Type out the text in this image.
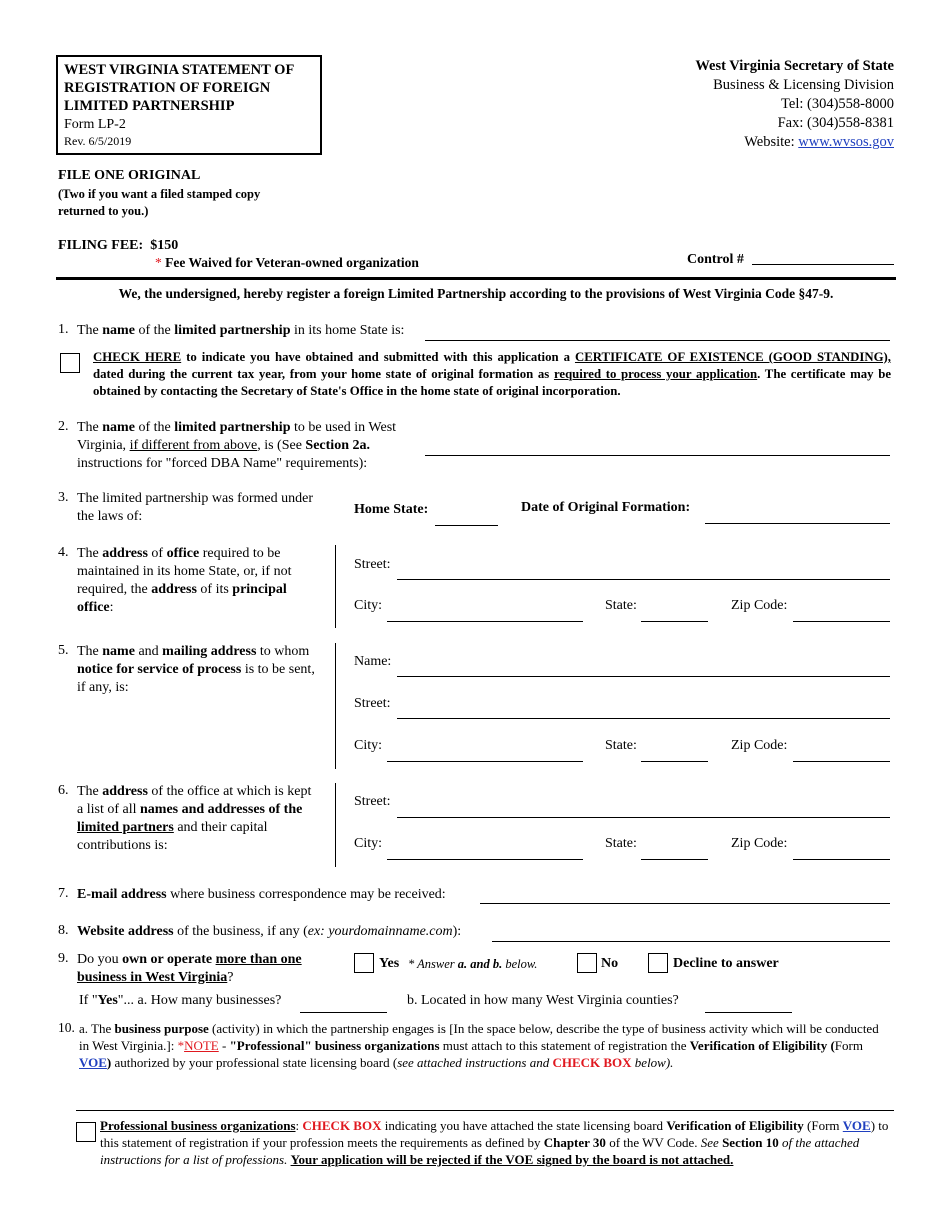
WEST VIRGINIA STATEMENT OF REGISTRATION OF FOREIGN LIMITED PARTNERSHIP
Form LP-2
Rev. 6/5/2019
West Virginia Secretary of State
Business & Licensing Division
Tel: (304)558-8000
Fax: (304)558-8381
Website: www.wvsos.gov
FILE ONE ORIGINAL
(Two if you want a filed stamped copy returned to you.)
FILING FEE: $150
* Fee Waived for Veteran-owned organization	Control #
We, the undersigned, hereby register a foreign Limited Partnership according to the provisions of West Virginia Code §47-9.
1. The name of the limited partnership in its home State is:
CHECK HERE to indicate you have obtained and submitted with this application a CERTIFICATE OF EXISTENCE (GOOD STANDING), dated during the current tax year, from your home state of original formation as required to process your application. The certificate may be obtained by contacting the Secretary of State's Office in the home state of original incorporation.
2. The name of the limited partnership to be used in West Virginia, if different from above, is (See Section 2a. instructions for "forced DBA Name" requirements):
3. The limited partnership was formed under the laws of:	Home State:	Date of Original Formation:
4. The address of office required to be maintained in its home State, or, if not required, the address of its principal office:
Street:
City:	State:	Zip Code:
5. The name and mailing address to whom notice for service of process is to be sent, if any, is:
Name:
Street:
City:	State:	Zip Code:
6. The address of the office at which is kept a list of all names and addresses of the limited partners and their capital contributions is:
Street:
City:	State:	Zip Code:
7. E-mail address where business correspondence may be received:
8. Website address of the business, if any (ex: yourdomainname.com):
9. Do you own or operate more than one business in West Virginia?
Yes * Answer a. and b. below.	No	Decline to answer
If "Yes"... a. How many businesses?	b. Located in how many West Virginia counties?
10. a. The business purpose (activity) in which the partnership engages is [In the space below, describe the type of business activity which will be conducted in West Virginia.]: *NOTE - "Professional" business organizations must attach to this statement of registration the Verification of Eligibility (Form VOE) authorized by your professional state licensing board (see attached instructions and CHECK BOX below).
Professional business organizations: CHECK BOX indicating you have attached the state licensing board Verification of Eligibility (Form VOE) to this statement of registration if your profession meets the requirements as defined by Chapter 30 of the WV Code. See Section 10 of the attached instructions for a list of professions. Your application will be rejected if the VOE signed by the board is not attached.
